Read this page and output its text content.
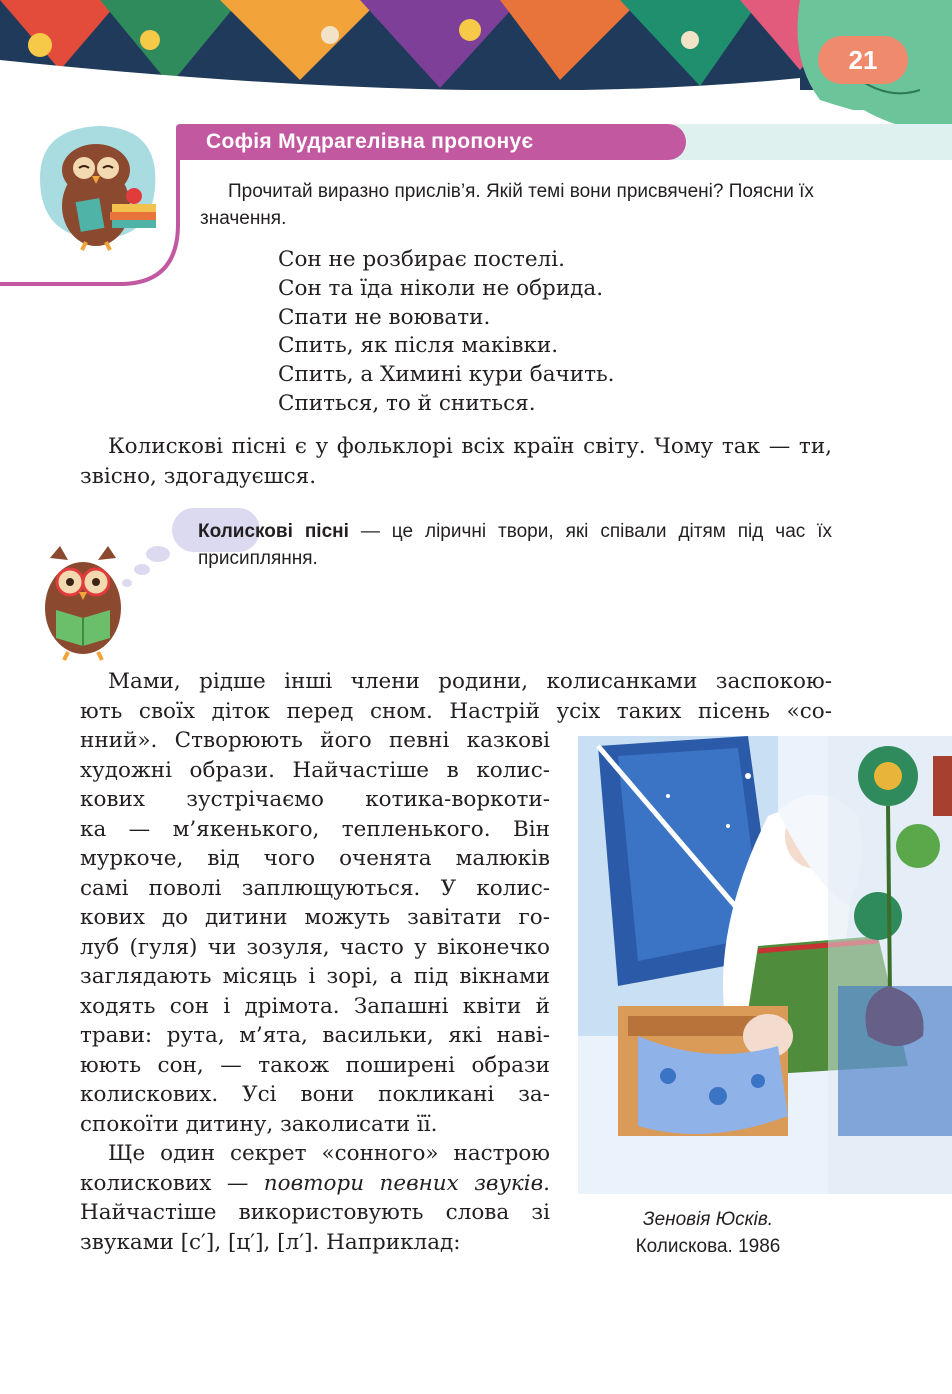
21
Софія Мудрагелівна пропонує
Прочитай виразно прислів’я. Якій темі вони присвячені? Поясни їх значення.
Сон не розбирає постелі.
Сон та їда ніколи не обрида.
Спати не воювати.
Спить, як після маківки.
Спить, а Химині кури бачить.
Спиться, то й сниться.
Колискові пісні є у фольклорі всіх країн світу. Чому так — ти, звісно, здогадуєшся.
Колискові пісні — це ліричні твори, які співали дітям під час їх присипляння.
Мами, рідше інші члени родини, колисанками заспокою-
ють своїх діток перед сном. Настрій усіх таких пісень «со-
нний». Створюють його певні казкові
художні образи. Найчастіше в колис-
кових зустрічаємо котика-воркоти-
ка — м’якенького, тепленького. Він
муркоче, від чого оченята малюків
самі поволі заплющуються. У колис-
кових до дитини можуть завітати го-
луб (гуля) чи зозуля, часто у віконечко
заглядають місяць і зорі, а під вікнами
ходять сон і дрімота. Запашні квіти й
трави: рута, м’ята, васильки, які наві-
юють сон, — також поширені образи
колискових. Усі вони покликані за-
спокоїти дитину, заколисати її.
Ще один секрет «сонного» настрою
колискових — повтори певних звуків.
Найчастіше використовують слова зі
звуками [с′], [ц′], [л′]. Наприклад:
Зеновія Юсків.
Колискова. 1986
